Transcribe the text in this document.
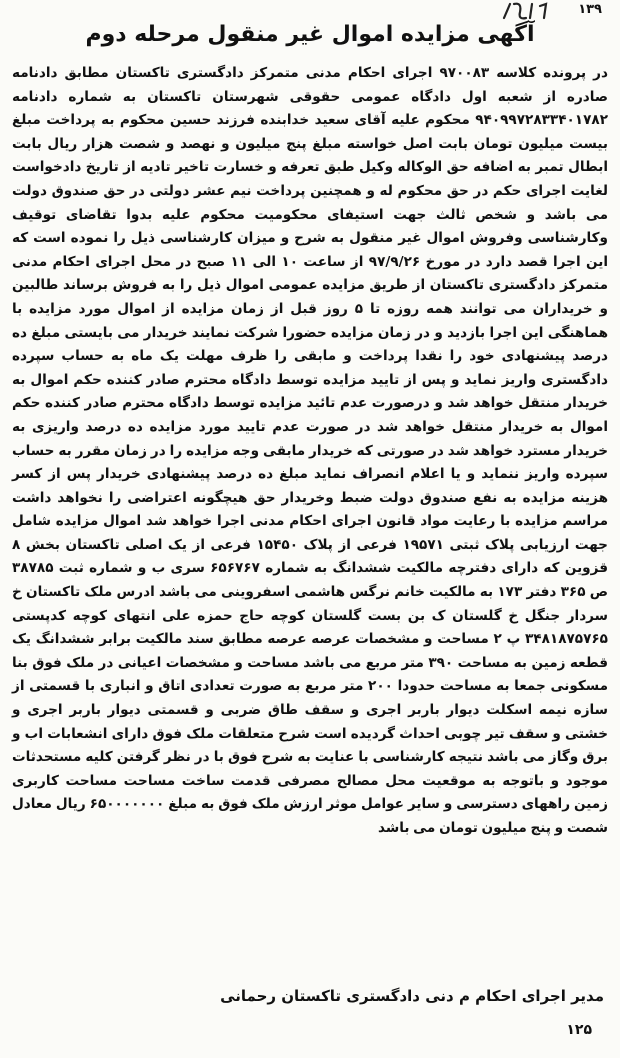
۱۳۹
آگهی مزایده اموال غیر منقول مرحله دوم
در پرونده کلاسه ۹۷۰۰۸۳ اجرای احکام مدنی متمرکز دادگستری تاکستان مطابق دادنامه صادره از شعبه اول دادگاه عمومی حقوقی شهرستان تاکستان به شماره دادنامه ۹۴۰۹۹۷۲۸۳۳۴۰۱۷۸۲ محکوم علیه آقای سعید خدابنده فرزند حسین محکوم به پرداخت مبلغ بیست میلیون تومان بابت اصل خواسته مبلغ پنج میلیون و نهصد و شصت هزار ریال بابت ابطال تمبر به اضافه حق الوکاله وکیل طبق تعرفه و خسارت تاخیر تادیه از تاریخ دادخواست لغایت اجرای حکم در حق محکوم له و همچنین پرداخت نیم عشر دولتی در حق صندوق دولت می باشد و شخص ثالث جهت استیفای محکومیت محکوم علیه بدوا تقاضای توقیف وکارشناسی وفروش اموال غیر منقول به شرح و میزان کارشناسی ذیل را نموده است که این اجرا قصد دارد در مورخ ۹۷/۹/۲۶ از ساعت ۱۰ الی ۱۱ صبح در محل اجرای احکام مدنی متمرکز دادگستری تاکستان از طریق مزایده عمومی اموال ذیل را به فروش برساند طالبین و خریداران می توانند همه روزه تا ۵ روز قبل از زمان مزایده از اموال مورد مزایده با هماهنگی این اجرا بازدید و در زمان مزایده حضورا شرکت نمایند خریدار می بایستی مبلغ ده درصد پیشنهادی خود را نقدا پرداخت و مابقی را ظرف مهلت یک ماه به حساب سپرده دادگستری واریز نماید و پس از تایید مزایده توسط دادگاه محترم صادر کننده حکم اموال به خریدار منتقل خواهد شد و درصورت عدم تائید مزایده توسط دادگاه محترم صادر کننده حکم اموال به خریدار منتقل خواهد شد در صورت عدم تایید مورد مزایده ده درصد واریزی به خریدار مسترد خواهد شد در صورتی که خریدار مابقی وجه مزایده را در زمان مقرر به حساب سپرده واریز ننماید و یا اعلام انصراف نماید مبلغ ده درصد پیشنهادی خریدار پس از کسر هزینه مزایده به نفع صندوق دولت ضبط وخریدار حق هیچگونه اعتراضی را نخواهد داشت مراسم مزایده با رعایت مواد قانون اجرای احکام مدنی اجرا خواهد شد اموال مزایده شامل جهت ارزیابی پلاک ثبتی ۱۹۵۷۱ فرعی از پلاک ۱۵۴۵۰ فرعی از یک اصلی تاکستان بخش ۸ قزوین که دارای دفترچه مالکیت ششدانگ به شماره ۶۵۶۷۶۷ سری ب و شماره ثبت ۳۸۷۸۵ ص ۳۶۵ دفتر ۱۷۳ به مالکیت خانم نرگس هاشمی اسفروینی می باشد ادرس ملک تاکستان خ سردار جنگل خ گلستان ک بن بست گلستان کوچه حاج حمزه علی انتهای کوچه کدپستی ۳۴۸۱۸۷۵۷۶۵ پ ۲ مساحت و مشخصات عرصه عرصه مطابق سند مالکیت برابر ششدانگ یک قطعه زمین به مساحت ۳۹۰ متر مربع می باشد مساحت و مشخصات اعیانی در ملک فوق بنا مسکونی جمعا به مساحت حدودا ۲۰۰ متر مربع به صورت تعدادی اتاق و انباری با قسمتی از سازه نیمه اسکلت دیوار باربر اجری و سقف طاق ضربی و قسمتی دیوار باربر اجری و خشتی و سقف تیر چوبی احداث گردیده است شرح متعلقات ملک فوق دارای انشعابات اب و برق وگاز می باشد نتیجه کارشناسی با عنایت به شرح فوق با در نظر گرفتن کلیه مستحدثات موجود و باتوجه به موقعیت محل مصالح مصرفی قدمت ساخت مساحت مساحت کاربری زمین راههای دسترسی و سایر عوامل موثر ارزش ملک فوق به مبلغ ۶۵۰۰۰۰۰۰۰ ریال معادل شصت و پنج میلیون تومان می باشد
مدیر اجرای احکام م دنی دادگستری تاکستان رحمانی
۱۲۵
